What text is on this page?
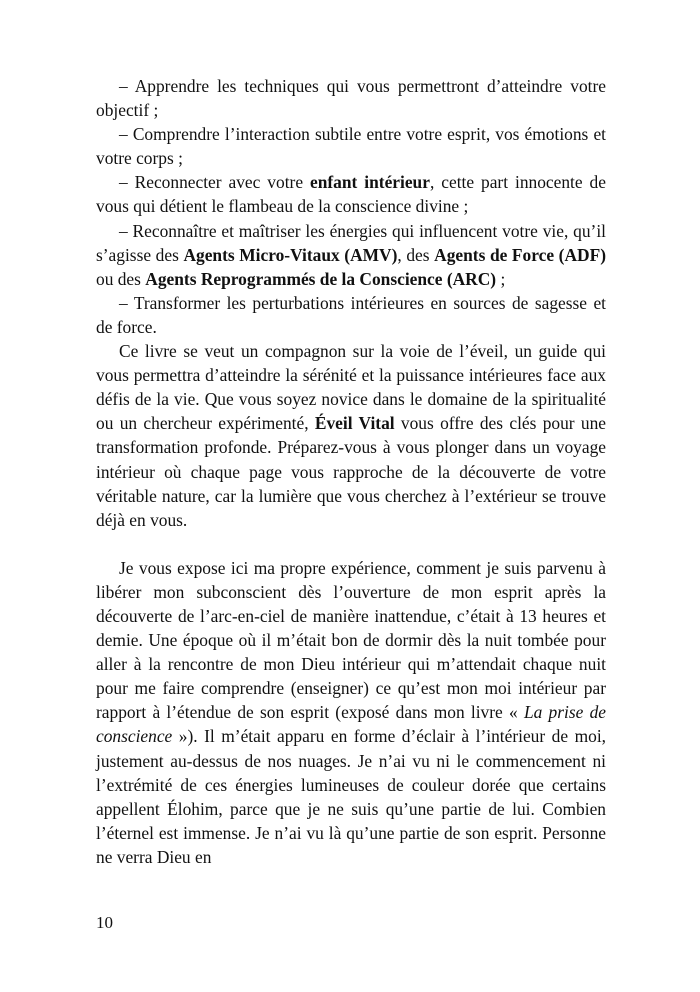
– Apprendre les techniques qui vous permettront d’atteindre votre objectif ;

– Comprendre l’interaction subtile entre votre esprit, vos émotions et votre corps ;

– Reconnecter avec votre enfant intérieur, cette part innocente de vous qui détient le flambeau de la conscience divine ;

– Reconnaître et maîtriser les énergies qui influencent votre vie, qu’il s’agisse des Agents Micro-Vitaux (AMV), des Agents de Force (ADF) ou des Agents Reprogrammés de la Conscience (ARC) ;

– Transformer les perturbations intérieures en sources de sagesse et de force.

Ce livre se veut un compagnon sur la voie de l’éveil, un guide qui vous permettra d’atteindre la sérénité et la puissance intérieures face aux défis de la vie. Que vous soyez novice dans le domaine de la spiritualité ou un chercheur expérimenté, Éveil Vital vous offre des clés pour une transformation profonde. Préparez-vous à vous plonger dans un voyage intérieur où chaque page vous rapproche de la découverte de votre véritable nature, car la lumière que vous cherchez à l’extérieur se trouve déjà en vous.

Je vous expose ici ma propre expérience, comment je suis parvenu à libérer mon subconscient dès l’ouverture de mon esprit après la découverte de l’arc-en-ciel de manière inattendue, c’était à 13 heures et demie. Une époque où il m’était bon de dormir dès la nuit tombée pour aller à la rencontre de mon Dieu intérieur qui m’attendait chaque nuit pour me faire comprendre (enseigner) ce qu’est mon moi intérieur par rapport à l’étendue de son esprit (exposé dans mon livre « La prise de conscience »). Il m’était apparu en forme d’éclair à l’intérieur de moi, justement au-dessus de nos nuages. Je n’ai vu ni le commencement ni l’extrémité de ces énergies lumineuses de couleur dorée que certains appellent Élohim, parce que je ne suis qu’une partie de lui. Combien l’éternel est immense. Je n’ai vu là qu’une partie de son esprit. Personne ne verra Dieu en

10
